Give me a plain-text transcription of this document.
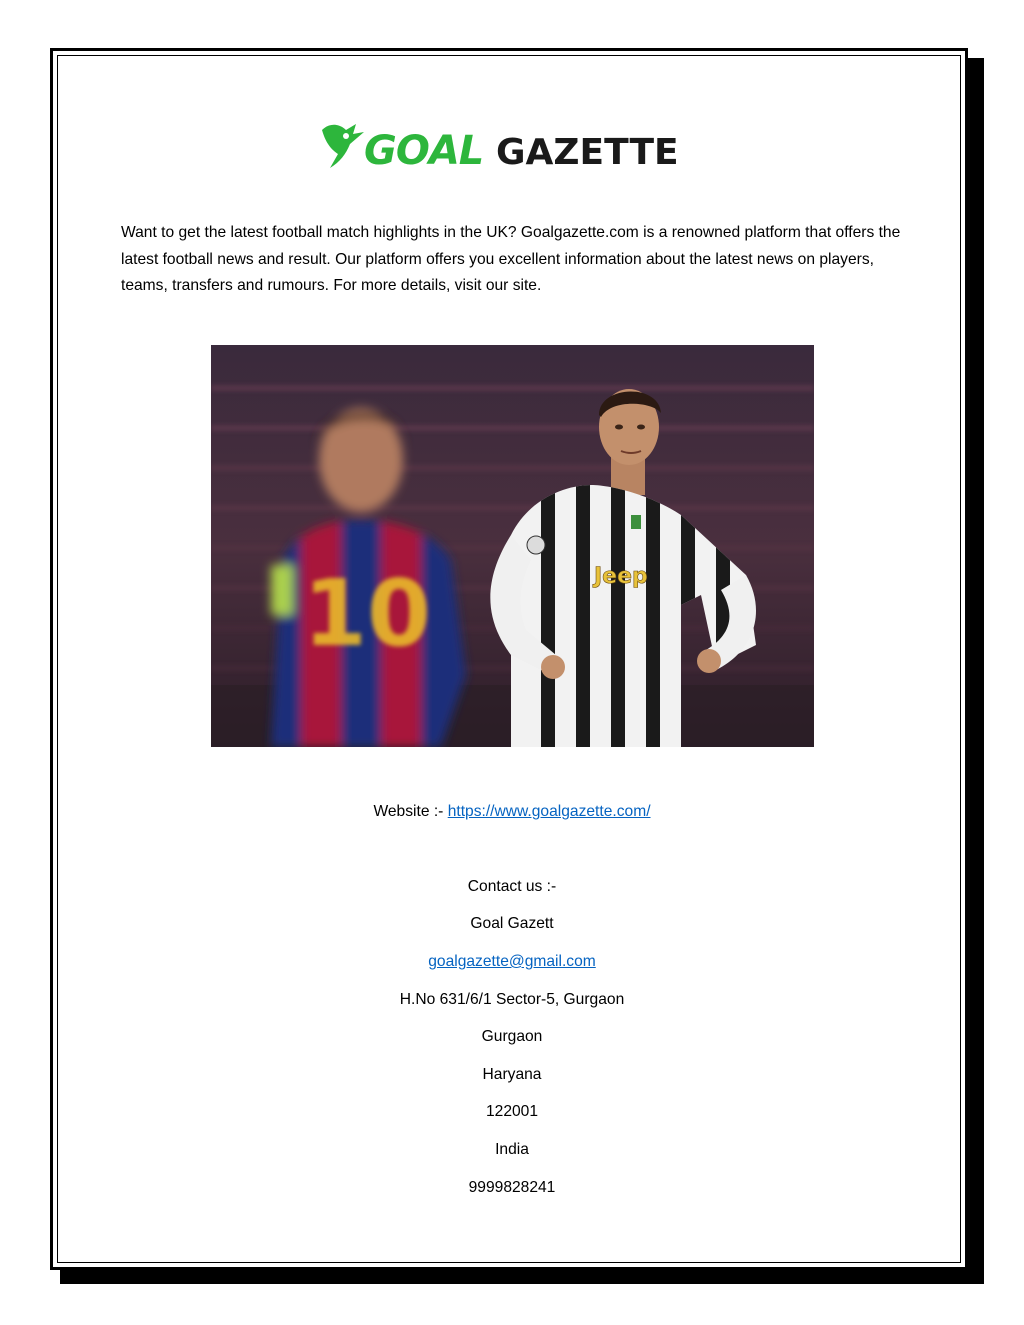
GOAL GAZETTE

Want to get the latest football match highlights in the UK? Goalgazette.com is a renowned platform that offers the latest football news and result. Our platform offers you excellent information about the latest news on players, teams, transfers and rumours. For more details, visit our site.

10	Jeep

Website :- https://www.goalgazette.com/

Contact us :-

Goal Gazett

goalgazette@gmail.com

H.No 631/6/1 Sector-5, Gurgaon

Gurgaon

Haryana

122001

India

9999828241
